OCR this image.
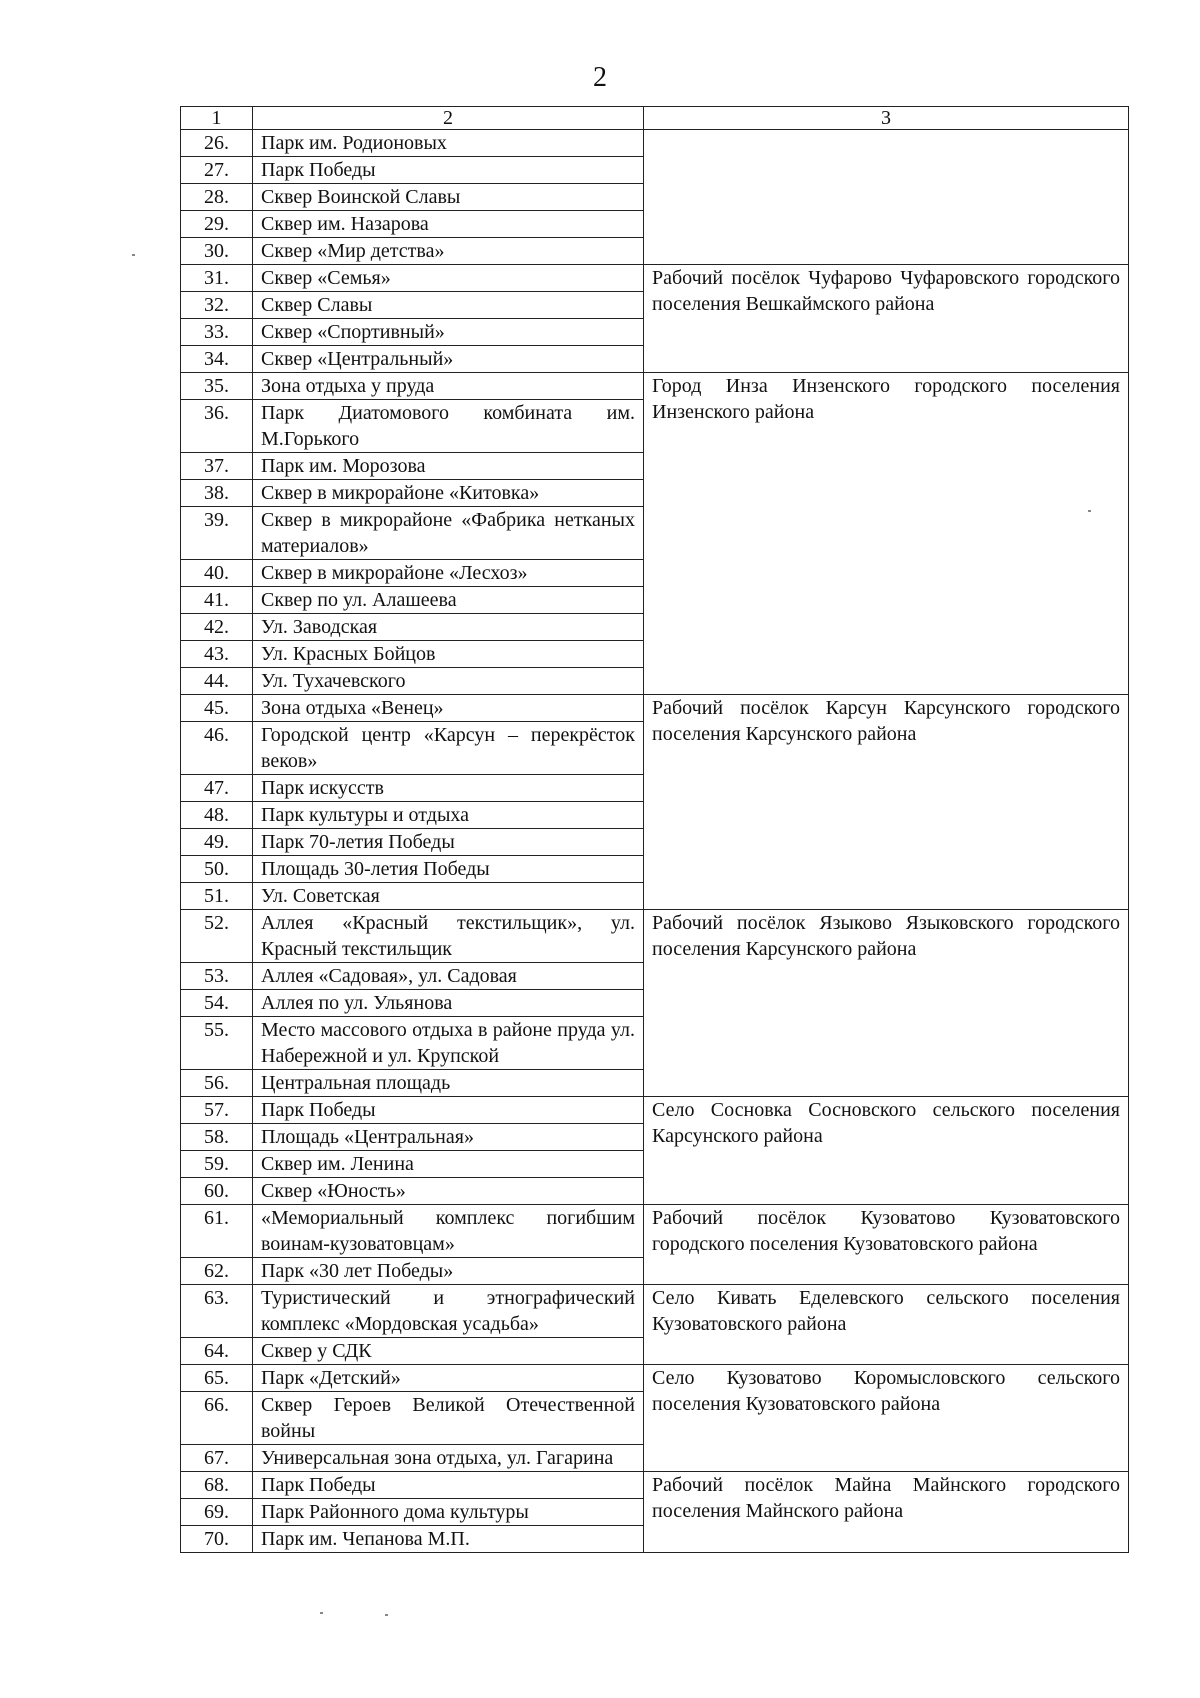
2
1	2	3
26.	Парк им. Родионовых	
27.	Парк Победы	
28.	Сквер Воинской Славы	
29.	Сквер им. Назарова	
30.	Сквер «Мир детства»	
31.	Сквер «Семья»	Рабочий посёлок Чуфарово Чуфаровского городского поселения Вешкаймского района
32.	Сквер Славы	
33.	Сквер «Спортивный»	
34.	Сквер «Центральный»	
35.	Зона отдыха у пруда	Город Инза Инзенского городского поселения Инзенского района
36.	Парк Диатомового комбината им. М.Горького	
37.	Парк им. Морозова	
38.	Сквер в микрорайоне «Китовка»	
39.	Сквер в микрорайоне «Фабрика нетканых материалов»	
40.	Сквер в микрорайоне «Лесхоз»	
41.	Сквер по ул. Алашеева	
42.	Ул. Заводская	
43.	Ул. Красных Бойцов	
44.	Ул. Тухачевского	
45.	Зона отдыха «Венец»	Рабочий посёлок Карсун Карсунского городского поселения Карсунского района
46.	Городской центр «Карсун – перекрёсток веков»	
47.	Парк искусств	
48.	Парк культуры и отдыха	
49.	Парк 70-летия Победы	
50.	Площадь 30-летия Победы	
51.	Ул. Советская	
52.	Аллея «Красный текстильщик», ул. Красный текстильщик	Рабочий посёлок Языково Языковского городского поселения Карсунского района
53.	Аллея «Садовая», ул. Садовая	
54.	Аллея по ул. Ульянова	
55.	Место массового отдыха в районе пруда ул. Набережной и ул. Крупской	
56.	Центральная площадь	
57.	Парк Победы	Село Сосновка Сосновского сельского поселения Карсунского района
58.	Площадь «Центральная»	
59.	Сквер им. Ленина	
60.	Сквер «Юность»	
61.	«Мемориальный комплекс погибшим воинам-кузоватовцам»	Рабочий посёлок Кузоватово Кузоватовского городского поселения Кузоватовского района
62.	Парк «30 лет Победы»	
63.	Туристический и этнографический комплекс «Мордовская усадьба»	Село Кивать Еделевского сельского поселения Кузоватовского района
64.	Сквер у СДК	
65.	Парк «Детский»	Село Кузоватово Коромысловского сельского поселения Кузоватовского района
66.	Сквер Героев Великой Отечественной войны	
67.	Универсальная зона отдыха, ул. Гагарина	
68.	Парк Победы	Рабочий посёлок Майна Майнского городского поселения Майнского района
69.	Парк Районного дома культуры	
70.	Парк им. Чепанова М.П.	
